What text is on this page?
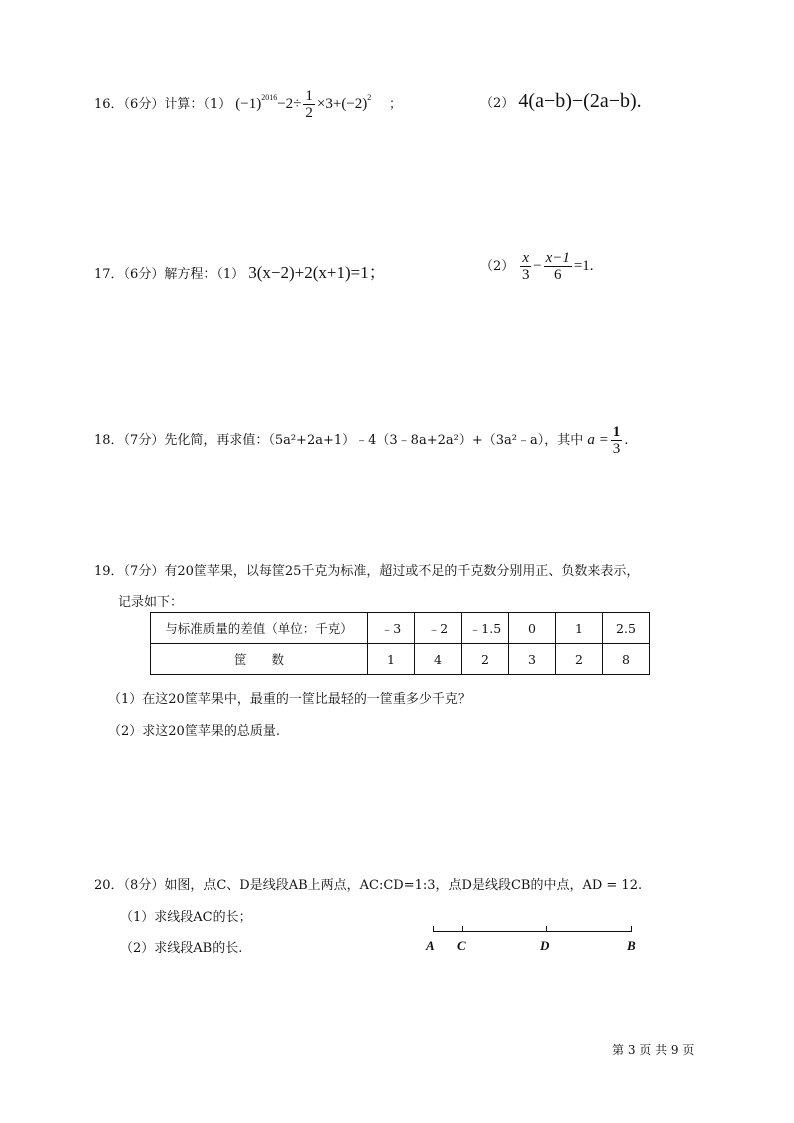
16．（6分）计算：（1） $(-1)^{2016}-2\div \frac{1}{2} \times 3+(-2)^2$ ；	（2） 4(a−b)−(2a−b).
17．（6分）解方程：（1） 3(x−2)+2(x+1)=1；	$(2) \frac{x}{3} - \frac{x-1}{6} =1$.
18．（7分）先化简，再求值：（5a²+2a+1）﹣4（3﹣8a+2a²）+（3a²﹣a），其中 $a = \frac{1}{3}$ .
19．（7分）有20筐苹果，以每筐25千克为标准，超过或不足的千克数分别用正、负数来表示，
记录如下：
与标准质量的差值（单位：千克）	﹣3	﹣2	﹣1.5	0	1	2.5
筐　　数	1	4	2	3	2	8
（1）在这20筐苹果中，最重的一筐比最轻的一筐重多少千克？
（2）求这20筐苹果的总质量.
20．（8分）如图，点C、D是线段AB上两点，AC:CD=1:3，点D是线段CB的中点，AD = 12.
（1）求线段AC的长；
（2）求线段AB的长.	A C	D	B
第 3 页 共 9 页
